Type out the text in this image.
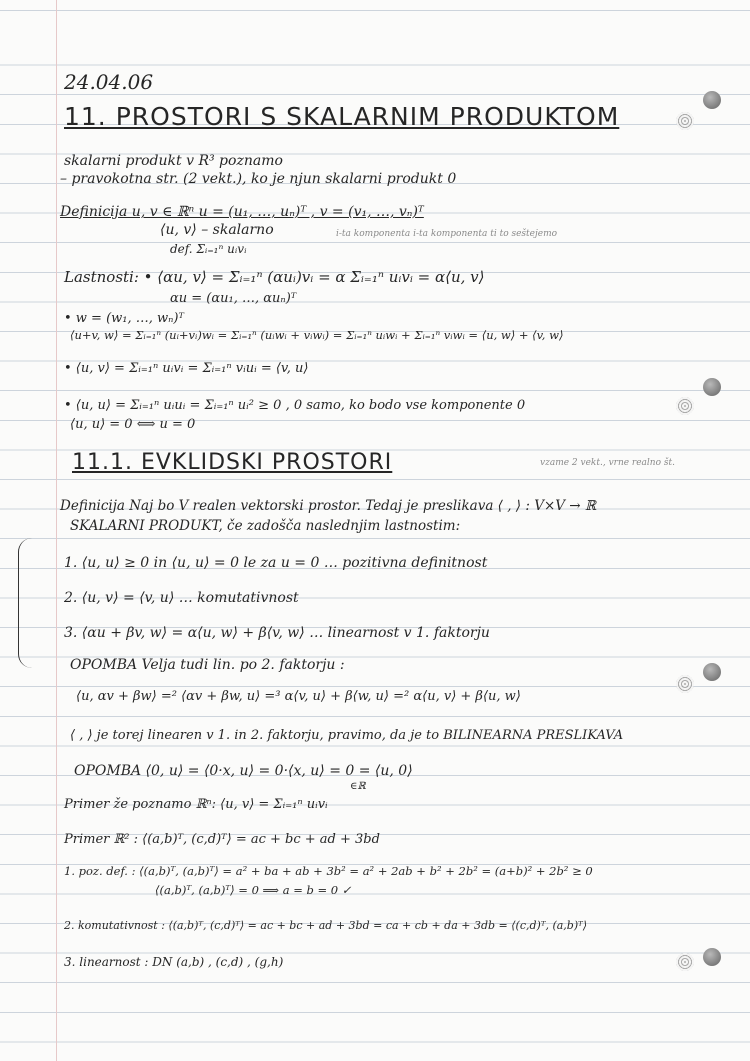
24.04.06
11. PROSTORI S SKALARNIM PRODUKTOM
skalarni produkt v R³ poznamo
– pravokotna str. (2 vekt.), ko je njun skalarni produkt 0
Definicija u, v ∈ ℝⁿ u = (u₁, …, uₙ)ᵀ , v = (v₁, …, vₙ)ᵀ
⟨u, v⟩ – skalarno	i-ta komponenta i-ta komponenta ti to seštejemo
def. Σᵢ₌₁ⁿ uᵢvᵢ
Lastnosti: • ⟨αu, v⟩ = Σᵢ₌₁ⁿ (αuᵢ)vᵢ = α Σᵢ₌₁ⁿ uᵢvᵢ = α⟨u, v⟩
αu = (αu₁, …, αuₙ)ᵀ
• w = (w₁, …, wₙ)ᵀ
⟨u+v, w⟩ = Σᵢ₌₁ⁿ (uᵢ+vᵢ)wᵢ = Σᵢ₌₁ⁿ (uᵢwᵢ + vᵢwᵢ) = Σᵢ₌₁ⁿ uᵢwᵢ + Σᵢ₌₁ⁿ vᵢwᵢ = ⟨u, w⟩ + ⟨v, w⟩
• ⟨u, v⟩ = Σᵢ₌₁ⁿ uᵢvᵢ = Σᵢ₌₁ⁿ vᵢuᵢ = ⟨v, u⟩
• ⟨u, u⟩ = Σᵢ₌₁ⁿ uᵢuᵢ = Σᵢ₌₁ⁿ uᵢ² ≥ 0 , 0 samo, ko bodo vse komponente 0
⟨u, u⟩ = 0 ⟺ u = 0
11.1. EVKLIDSKI PROSTORI	vzame 2 vekt., vrne realno št.
Definicija Naj bo V realen vektorski prostor. Tedaj je preslikava ⟨ , ⟩ : V×V → ℝ
SKALARNI PRODUKT, če zadošča naslednjim lastnostim:
1. ⟨u, u⟩ ≥ 0 in ⟨u, u⟩ = 0 le za u = 0 … pozitivna definitnost
2. ⟨u, v⟩ = ⟨v, u⟩ … komutativnost
3. ⟨αu + βv, w⟩ = α⟨u, w⟩ + β⟨v, w⟩ … linearnost v 1. faktorju
OPOMBA Velja tudi lin. po 2. faktorju :
⟨u, αv + βw⟩ =² ⟨αv + βw, u⟩ =³ α⟨v, u⟩ + β⟨w, u⟩ =² α⟨u, v⟩ + β⟨u, w⟩
⟨ , ⟩ je torej linearen v 1. in 2. faktorju, pravimo, da je to BILINEARNA PRESLIKAVA
OPOMBA ⟨0, u⟩ = ⟨0·x, u⟩ = 0·⟨x, u⟩ = 0 = ⟨u, 0⟩
∈ℝ
Primer že poznamo ℝⁿ: ⟨u, v⟩ = Σᵢ₌₁ⁿ uᵢvᵢ
Primer ℝ² : ⟨(a,b)ᵀ, (c,d)ᵀ⟩ = ac + bc + ad + 3bd
1. poz. def. : ⟨(a,b)ᵀ, (a,b)ᵀ⟩ = a² + ba + ab + 3b² = a² + 2ab + b² + 2b² = (a+b)² + 2b² ≥ 0
⟨(a,b)ᵀ, (a,b)ᵀ⟩ = 0 ⟹ a = b = 0 ✓
2. komutativnost : ⟨(a,b)ᵀ, (c,d)ᵀ⟩ = ac + bc + ad + 3bd = ca + cb + da + 3db = ⟨(c,d)ᵀ, (a,b)ᵀ⟩
3. linearnost : DN (a,b) , (c,d) , (g,h)
